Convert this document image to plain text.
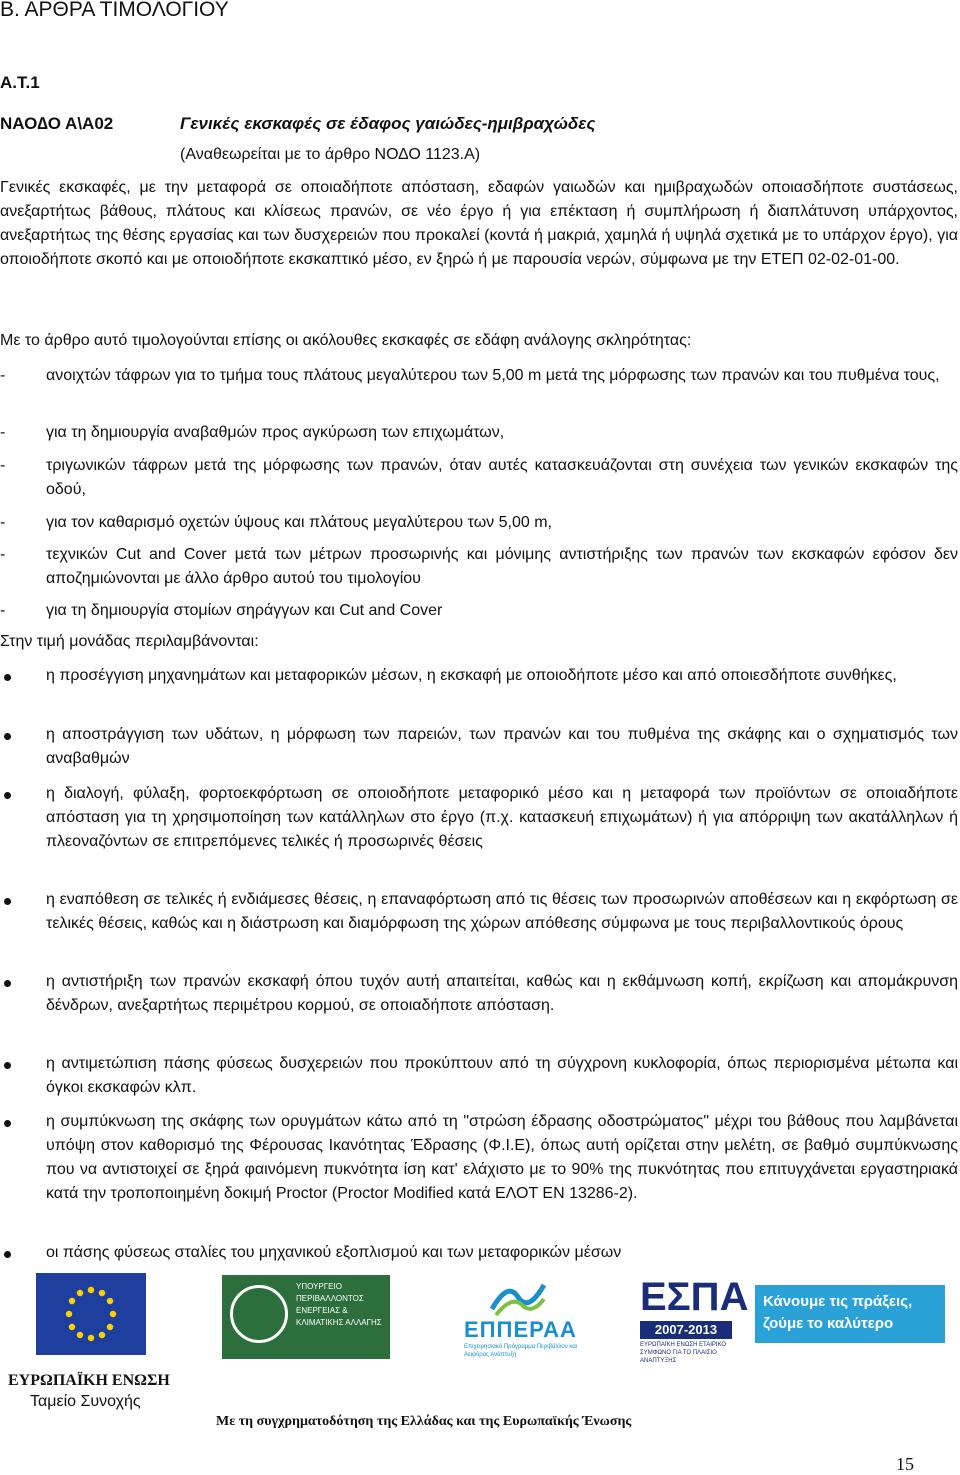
Β. ΑΡΘΡΑ ΤΙΜΟΛΟΓΙΟΥ
Α.Τ.1
ΝΑΟ∆Ο Α\Α02	Γενικές εκσκαφές σε έδαφος γαιώδες-ημιβραχώδες
(Αναθεωρείται με το άρθρο ΝΟ∆Ο 1123.Α)
Γενικές εκσκαφές, με την μεταφορά σε οποιαδήποτε απόσταση, εδαφών γαιωδών και ημιβραχωδών οποιασδήποτε συστάσεως, ανεξαρτήτως βάθους, πλάτους και κλίσεως πρανών, σε νέο έργο ή για επέκταση ή συμπλήρωση ή διαπλάτυνση υπάρχοντος, ανεξαρτήτως της θέσης εργασίας και των δυσχερειών που προκαλεί (κοντά ή μακριά, χαμηλά ή υψηλά σχετικά με το υπάρχον έργο), για οποιοδήποτε σκοπό και με οποιοδήποτε εκσκαπτικό μέσο, εν ξηρώ ή με παρουσία νερών, σύμφωνα με την ΕΤΕΠ 02-02-01-00.
Με το άρθρο αυτό τιμολογούνται επίσης οι ακόλουθες εκσκαφές σε εδάφη ανάλογης σκληρότητας:
-	ανοιχτών τάφρων για το τμήμα τους πλάτους μεγαλύτερου των 5,00 m μετά της μόρφωσης των πρανών και του πυθμένα τους,
-	για τη δημιουργία αναβαθμών προς αγκύρωση των επιχωμάτων,
-	τριγωνικών τάφρων μετά της μόρφωσης των πρανών, όταν αυτές κατασκευάζονται στη συνέχεια των γενικών εκσκαφών της οδού,
-	για τον καθαρισμό οχετών ύψους και πλάτους μεγαλύτερου των 5,00 m,
-	τεχνικών Cut and Cover μετά των μέτρων προσωρινής και μόνιμης αντιστήριξης των πρανών των εκσκαφών εφόσον δεν αποζημιώνονται με άλλο άρθρο αυτού του τιμολογίου
-	για τη δημιουργία στομίων σηράγγων και Cut and Cover
Στην τιμή μονάδας περιλαμβάνονται:
η προσέγγιση μηχανημάτων και μεταφορικών μέσων, η εκσκαφή με οποιοδήποτε μέσο και από οποιεσδήποτε συνθήκες,
η αποστράγγιση των υδάτων, η μόρφωση των παρειών, των πρανών και του πυθμένα της σκάφης και ο σχηματισμός των αναβαθμών
η διαλογή, φύλαξη, φορτοεκφόρτωση σε οποιοδήποτε μεταφορικό μέσο και η μεταφορά των προϊόντων σε οποιαδήποτε απόσταση για τη χρησιμοποίηση των κατάλληλων στο έργο (π.χ. κατασκευή επιχωμάτων) ή για απόρριψη των ακατάλληλων ή πλεοναζόντων σε επιτρεπόμενες τελικές ή προσωρινές θέσεις
η εναπόθεση σε τελικές ή ενδιάμεσες θέσεις, η επαναφόρτωση από τις θέσεις των προσωρινών αποθέσεων και η εκφόρτωση σε τελικές θέσεις, καθώς και η διάστρωση και διαμόρφωση της χώρων απόθεσης σύμφωνα με τους περιβαλλοντικούς όρους
η αντιστήριξη των πρανών εκσκαφή όπου τυχόν αυτή απαιτείται, καθώς και η εκθάμνωση κοπή, εκρίζωση και απομάκρυνση δένδρων, ανεξαρτήτως περιμέτρου κορμού, σε οποιαδήποτε απόσταση.
η αντιμετώπιση πάσης φύσεως δυσχερειών που προκύπτουν από τη σύγχρονη κυκλοφορία, όπως περιορισμένα μέτωπα και όγκοι εκσκαφών κλπ.
η συμπύκνωση της σκάφης των ορυγμάτων κάτω από τη "στρώση έδρασης οδοστρώματος" μέχρι του βάθους που λαμβάνεται υπόψη στον καθορισμό της Φέρουσας Ικανότητας Έδρασης (Φ.Ι.Ε), όπως αυτή ορίζεται στην μελέτη, σε βαθμό συμπύκνωσης που να αντιστοιχεί σε ξηρά φαινόμενη πυκνότητα ίση κατ' ελάχιστο με το 90% της πυκνότητας που επιτυγχάνεται εργαστηριακά κατά την τροποποιημένη δοκιμή Proctor (Proctor Modified κατά ΕΛΟΤ ΕΝ 13286-2).
οι πάσης φύσεως σταλίες του μηχανικού εξοπλισμού και των μεταφορικών μέσων
ΕΥΡΩΠΑΪΚΗ ΕΝΩΣΗ
Ταμείο Συνοχής
ΥΠΟΥΡΓΕΙΟ ΠΕΡΙΒΑΛΛΟΝΤΟΣ ΕΝΕΡΓΕΙΑΣ & ΚΛΙΜΑΤΙΚΗΣ ΑΛΛΑΓΗΣ	ΕΠΠΕΡΑΑ
Επιχειρησιακό Πρόγραμμα Περιβάλλον και Αειφόρος Ανάπτυξη
ΕΣΠΑ
2007-2013
ΕΥΡΩΠΑΪΚΗ ΕΝΩΣΗ ΕΤΑΙΡΙΚΟ ΣΥΜΦΩΝΟ ΓΙΑ ΤΟ ΠΛΑΙΣΙΟ ΑΝΑΠΤΥΞΗΣ
Κάνουμε τις πράξεις,
ζούμε το καλύτερο
Με τη συγχρηματοδότηση της Ελλάδας και της Ευρωπαϊκής Ένωσης
15
